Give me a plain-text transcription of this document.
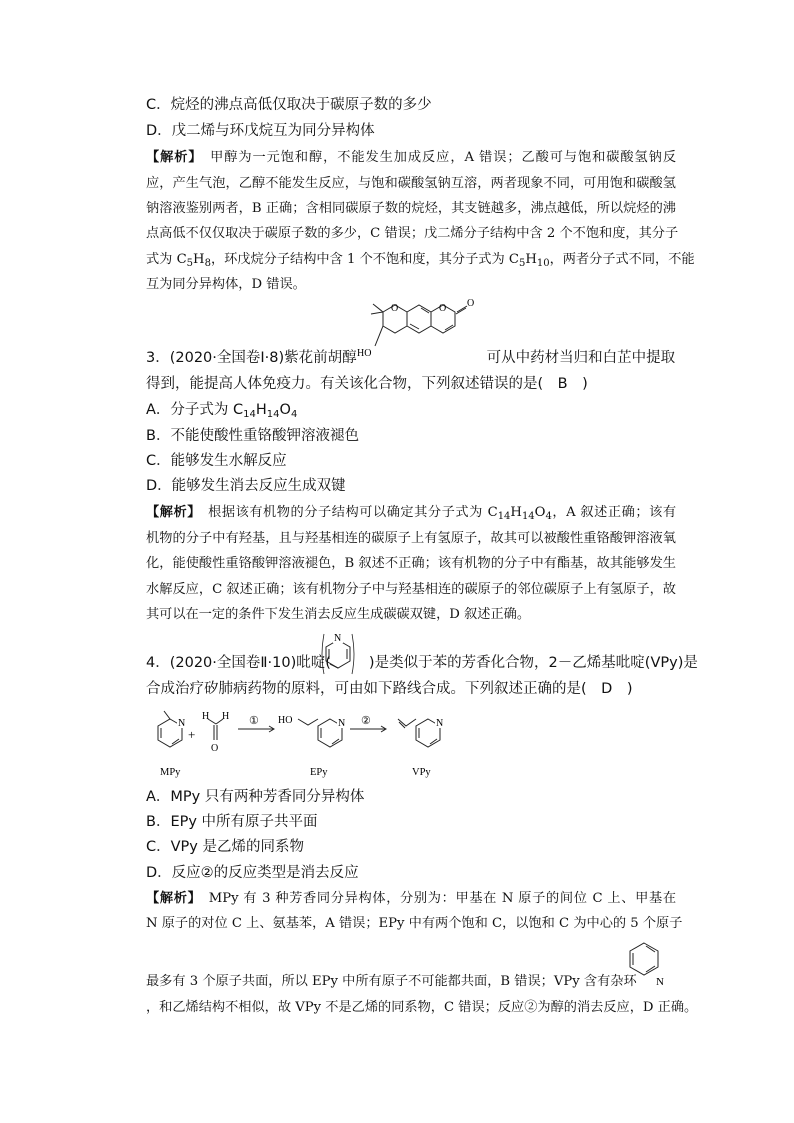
C．烷烃的沸点高低仅取决于碳原子数的多少
D．戊二烯与环戊烷互为同分异构体
【解析】　 甲醇为一元饱和醇，不能发生加成反应，A 错误；乙酸可与饱和碳酸氢钠反
应，产生气泡，乙醇不能发生反应，与饱和碳酸氢钠互溶，两者现象不同，可用饱和碳酸氢
钠溶液鉴别两者，B 正确；含相同碳原子数的烷烃，其支链越多，沸点越低，所以烷烃的沸
点高低不仅仅取决于碳原子数的多少，C 错误；戊二烯分子结构中含 2 个不饱和度，其分子
式为 $C_5H_8$，环戊烷分子结构中含 1 个不饱和度，其分子式为 $C_5H_{10}$，两者分子式不同，不能
互为同分异构体，D 错误。
O	O O
HO
3．(2020·全国卷Ⅰ·8)紫花前胡醇	可从中药材当归和白芷中提取
得到，能提高人体免疫力。有关该化合物，下列叙述错误的是(　B　)
A．分子式为 $C_{14}H_{14}O_4$
B．不能使酸性重铬酸钾溶液褪色
C．能够发生水解反应
D．能够发生消去反应生成双键
【解析】　 根据该有机物的分子结构可以确定其分子式为 $C_{14}H_{14}O_4$，A 叙述正确；该有
机物的分子中有羟基，且与羟基相连的碳原子上有氢原子，故其可以被酸性重铬酸钾溶液氧
化，能使酸性重铬酸钾溶液褪色，B 叙述不正确；该有机物的分子中有酯基，故其能够发生
水解反应，C 叙述正确；该有机物分子中与羟基相连的碳原子的邻位碳原子上有氢原子，故
其可以在一定的条件下发生消去反应生成碳碳双键，D 叙述正确。
N
4．(2020·全国卷Ⅱ·10)吡啶(	)是类似于苯的芳香化合物，2－乙烯基吡啶(VPy)是
合成治疗矽肺病药物的原料，可由如下路线合成。下列叙述正确的是(　D　)
N
+
H H
O
① HO	N ②	N
MPy	EPy	VPy
A．MPy 只有两种芳香同分异构体
B．EPy 中所有原子共平面
C．VPy 是乙烯的同系物
D．反应②的反应类型是消去反应
【解析】　 MPy 有 3 种芳香同分异构体，分别为：甲基在 N 原子的间位 C 上、甲基在
N 原子的对位 C 上、氨基苯，A 错误；EPy 中有两个饱和 C，以饱和 C 为中心的 5 个原子
N
最多有 3 个原子共面，所以 EPy 中所有原子不可能都共面，B 错误；VPy 含有杂环
，和乙烯结构不相似，故 VPy 不是乙烯的同系物，C 错误；反应②为醇的消去反应，D 正确。
